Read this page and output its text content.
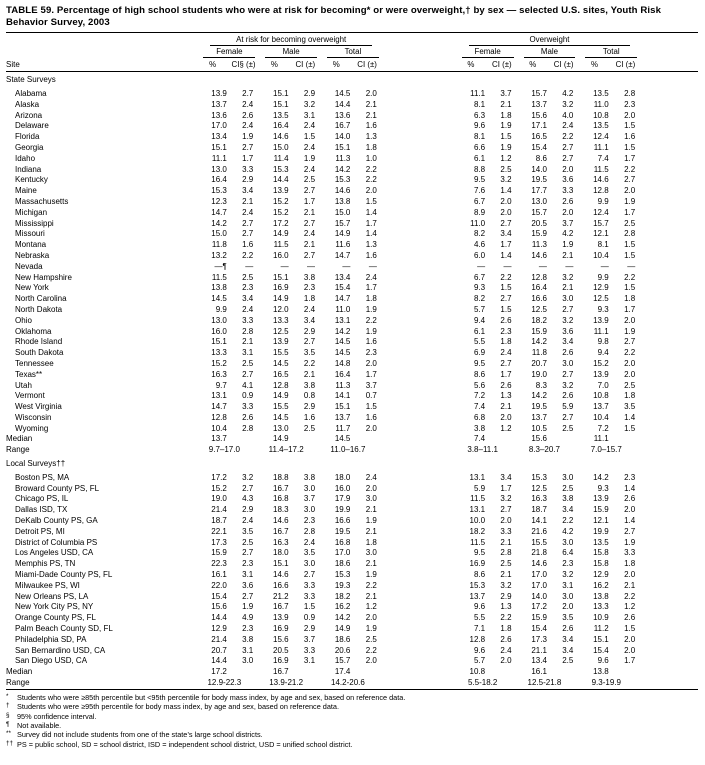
TABLE 59. Percentage of high school students who were at risk for becoming* or were overweight,† by sex — selected U.S. sites, Youth Risk Behavior Survey, 2003

	At risk for becoming overweight							Overweight						

	Female		Male		Total			Female		Male		Total		

Site	%	CI§ (±)	%	CI (±)	%	CI (±)		%	CI (±)	%	CI (±)	%	CI (±)	
State Surveys														
Alabama	13.9	2.7	15.1	2.9	14.5	2.0		11.1	3.7	15.7	4.2	13.5	2.8	
Alaska	13.7	2.4	15.1	3.2	14.4	2.1		8.1	2.1	13.7	3.2	11.0	2.3	
Arizona	13.6	2.6	13.5	3.1	13.6	2.1		6.3	1.8	15.6	4.0	10.8	2.0	
Delaware	17.0	2.4	16.4	2.4	16.7	1.6		9.6	1.9	17.1	2.4	13.5	1.5	
Florida	13.4	1.9	14.6	1.5	14.0	1.3		8.1	1.5	16.5	2.2	12.4	1.6	
Georgia	15.1	2.7	15.0	2.4	15.1	1.8		6.6	1.9	15.4	2.7	11.1	1.5	
Idaho	11.1	1.7	11.4	1.9	11.3	1.0		6.1	1.2	8.6	2.7	7.4	1.7	
Indiana	13.0	3.3	15.3	2.4	14.2	2.2		8.8	2.5	14.0	2.0	11.5	2.2	
Kentucky	16.4	2.9	14.4	2.5	15.3	2.2		9.5	3.2	19.5	3.6	14.6	2.7	
Maine	15.3	3.4	13.9	2.7	14.6	2.0		7.6	1.4	17.7	3.3	12.8	2.0	
Massachusetts	12.3	2.1	15.2	1.7	13.8	1.5		6.7	2.0	13.0	2.6	9.9	1.9	
Michigan	14.7	2.4	15.2	2.1	15.0	1.4		8.9	2.0	15.7	2.0	12.4	1.7	
Mississippi	14.2	2.7	17.2	2.7	15.7	1.7		11.0	2.7	20.5	3.7	15.7	2.5	
Missouri	15.0	2.7	14.9	2.4	14.9	1.4		8.2	3.4	15.9	4.2	12.1	2.8	
Montana	11.8	1.6	11.5	2.1	11.6	1.3		4.6	1.7	11.3	1.9	8.1	1.5	
Nebraska	13.2	2.2	16.0	2.7	14.7	1.6		6.0	1.4	14.6	2.1	10.4	1.5	
Nevada	—¶	—	—	—	—	—		—	—	—	—	—	—	
New Hampshire	11.5	2.5	15.1	3.8	13.4	2.4		6.7	2.2	12.8	3.2	9.9	2.2	
New York	13.8	2.3	16.9	2.3	15.4	1.7		9.3	1.5	16.4	2.1	12.9	1.5	
North Carolina	14.5	3.4	14.9	1.8	14.7	1.8		8.2	2.7	16.6	3.0	12.5	1.8	
North Dakota	9.9	2.4	12.0	2.4	11.0	1.9		5.7	1.5	12.5	2.7	9.3	1.7	
Ohio	13.0	3.3	13.3	3.4	13.1	2.2		9.4	2.6	18.2	3.2	13.9	2.0	
Oklahoma	16.0	2.8	12.5	2.9	14.2	1.9		6.1	2.3	15.9	3.6	11.1	1.9	
Rhode Island	15.1	2.1	13.9	2.7	14.5	1.6		5.5	1.8	14.2	3.4	9.8	2.7	
South Dakota	13.3	3.1	15.5	3.5	14.5	2.3		6.9	2.4	11.8	2.6	9.4	2.2	
Tennessee	15.2	2.5	14.5	2.2	14.8	2.0		9.5	2.7	20.7	3.0	15.2	2.0	
Texas**	16.3	2.7	16.5	2.1	16.4	1.7		8.6	1.7	19.0	2.7	13.9	2.0	
Utah	9.7	4.1	12.8	3.8	11.3	3.7		5.6	2.6	8.3	3.2	7.0	2.5	
Vermont	13.1	0.9	14.9	0.8	14.1	0.7		7.2	1.3	14.2	2.6	10.8	1.8	
West Virginia	14.7	3.3	15.5	2.9	15.1	1.5		7.4	2.1	19.5	5.9	13.7	3.5	
Wisconsin	12.8	2.6	14.5	1.6	13.7	1.6		6.8	2.0	13.7	2.7	10.4	1.4	
Wyoming	10.4	2.8	13.0	2.5	11.7	2.0		3.8	1.2	10.5	2.5	7.2	1.5	
Median	13.7		14.9		14.5			7.4		15.6		11.1		
Range	9.7–17.0		11.4–17.2		11.0–16.7			3.8–11.1		8.3–20.7		7.0–15.7		
Local Surveys††														
Boston PS, MA	17.2	3.2	18.8	3.8	18.0	2.4		13.1	3.4	15.3	3.0	14.2	2.3	
Broward County PS, FL	15.2	2.7	16.7	3.0	16.0	2.0		5.9	1.7	12.5	2.5	9.3	1.4	
Chicago PS, IL	19.0	4.3	16.8	3.7	17.9	3.0		11.5	3.2	16.3	3.8	13.9	2.6	
Dallas ISD, TX	21.4	2.9	18.3	3.0	19.9	2.1		13.1	2.7	18.7	3.4	15.9	2.0	
DeKalb County PS, GA	18.7	2.4	14.6	2.3	16.6	1.9		10.0	2.0	14.1	2.2	12.1	1.4	
Detroit PS, MI	22.1	3.5	16.7	2.8	19.5	2.1		18.2	3.3	21.6	4.2	19.9	2.7	
District of Columbia PS	17.3	2.5	16.3	2.4	16.8	1.8		11.5	2.1	15.5	3.0	13.5	1.9	
Los Angeles USD, CA	15.9	2.7	18.0	3.5	17.0	3.0		9.5	2.8	21.8	6.4	15.8	3.3	
Memphis PS, TN	22.3	2.3	15.1	3.0	18.6	2.1		16.9	2.5	14.6	2.3	15.8	1.8	
Miami-Dade County PS, FL	16.1	3.1	14.6	2.7	15.3	1.9		8.6	2.1	17.0	3.2	12.9	2.0	
Milwaukee PS, WI	22.0	3.6	16.6	3.3	19.3	2.2		15.3	3.2	17.0	3.1	16.2	2.1	
New Orleans PS, LA	15.4	2.7	21.2	3.3	18.2	2.1		13.7	2.9	14.0	3.0	13.8	2.2	
New York City PS, NY	15.6	1.9	16.7	1.5	16.2	1.2		9.6	1.3	17.2	2.0	13.3	1.2	
Orange County PS, FL	14.4	4.9	13.9	0.9	14.2	2.0		5.5	2.2	15.9	3.5	10.9	2.6	
Palm Beach County SD, FL	12.9	2.3	16.9	2.9	14.9	1.9		7.1	1.8	15.4	2.6	11.2	1.5	
Philadelphia SD, PA	21.4	3.8	15.6	3.7	18.6	2.5		12.8	2.6	17.3	3.4	15.1	2.0	
San Bernardino USD, CA	20.7	3.1	20.5	3.3	20.6	2.2		9.6	2.4	21.1	3.4	15.4	2.0	
San Diego USD, CA	14.4	3.0	16.9	3.1	15.7	2.0		5.7	2.0	13.4	2.5	9.6	1.7	
Median	17.2		16.7		17.4			10.8		16.1		13.8		
Range	12.9-22.3		13.9-21.2		14.2-20.6			5.5-18.2		12.5-21.8		9.3-19.9		
* Students who were ≥85th percentile but <95th percentile for body mass index, by age and sex, based on reference data.
† Students who were ≥95th percentile for body mass index, by age and sex, based on reference data.
§ 95% confidence interval.
¶ Not available.
** Survey did not include students from one of the state’s large school districts.
†† PS = public school, SD = school district, ISD = independent school district, USD = unified school district.
